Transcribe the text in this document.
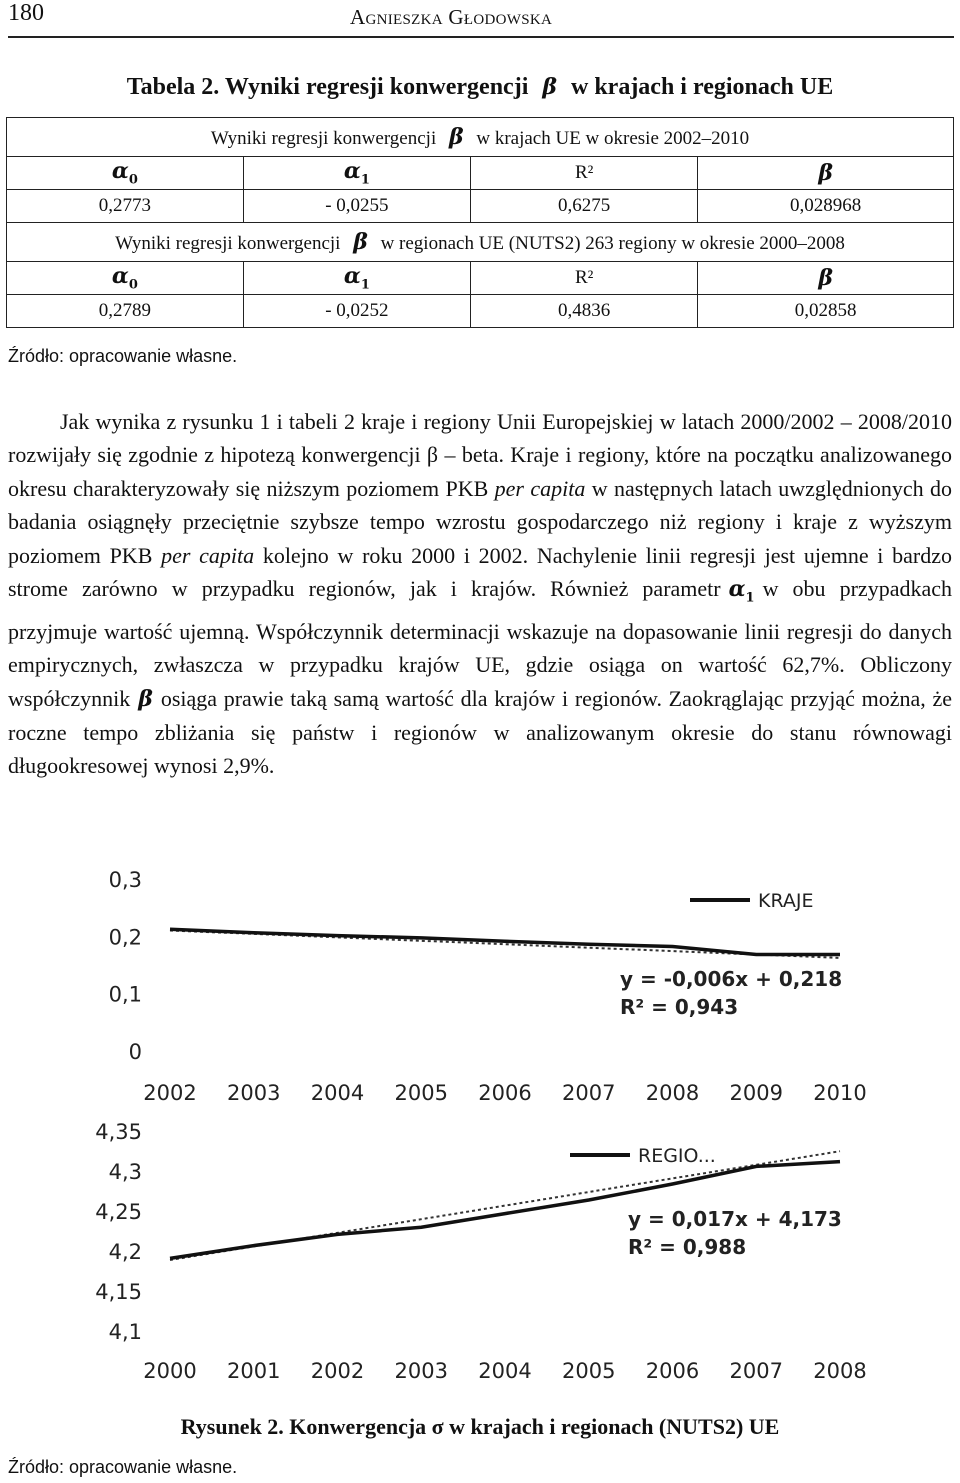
180	Agnieszka Głodowska
Tabela 2. Wyniki regresji konwergencji β w krajach i regionach UE
Wyniki regresji konwergencji β w krajach UE w okresie 2002–2010			
$\alpha_0$	$\alpha_1$	R²	β
0,2773	- 0,0255	0,6275	0,028968
Wyniki regresji konwergencji β w regionach UE (NUTS2) 263 regiony w okresie 2000–2008			
$\alpha_0$	$\alpha_1$	R²	β
0,2789	- 0,0252	0,4836	0,02858
Źródło: opracowanie własne.
Jak wynika z rysunku 1 i tabeli 2 kraje i regiony Unii Europejskiej w latach 2000/2002 – 2008/2010 rozwijały się zgodnie z hipotezą konwergencji β – beta. Kraje i regiony, które na początku analizowanego okresu charakteryzowały się niższym poziomem PKB per capita w następnych latach uwzględnionych do badania osiągnęły przeciętnie szybsze tempo wzrostu gospodarczego niż regiony i kraje z wyższym poziomem PKB per capita kolejno w roku 2000 i 2002. Nachylenie linii regresji jest ujemne i bardzo strome zarówno w przypadku regionów, jak i krajów. Również parametr $\alpha_1$ w obu przypadkach przyjmuje wartość ujemną. Współczynnik determinacji wskazuje na dopasowanie linii regresji do danych empirycznych, zwłaszcza w przypadku krajów UE, gdzie osiąga on wartość 62,7%. Obliczony współczynnik β osiąga prawie taką samą wartość dla krajów i regionów. Zaokrąglając przyjąć można, że roczne tempo zbliżania się państw i regionów w analizowanym okresie do stanu równowagi długookresowej wynosi 2,9%.
0
0,1
0,2
0,3
2002 2003 2004 2005 2006 2007 2008 2009 2010
KRAJE
y = -0,006x + 0,218
R² = 0,943
4,1
4,15
4,2
4,25
4,3
4,35
2000 2001 2002 2003 2004 2005 2006 2007 2008
REGIO...
y = 0,017x + 4,173
R² = 0,988
Rysunek 2. Konwergencja σ w krajach i regionach (NUTS2) UE
Źródło: opracowanie własne.
